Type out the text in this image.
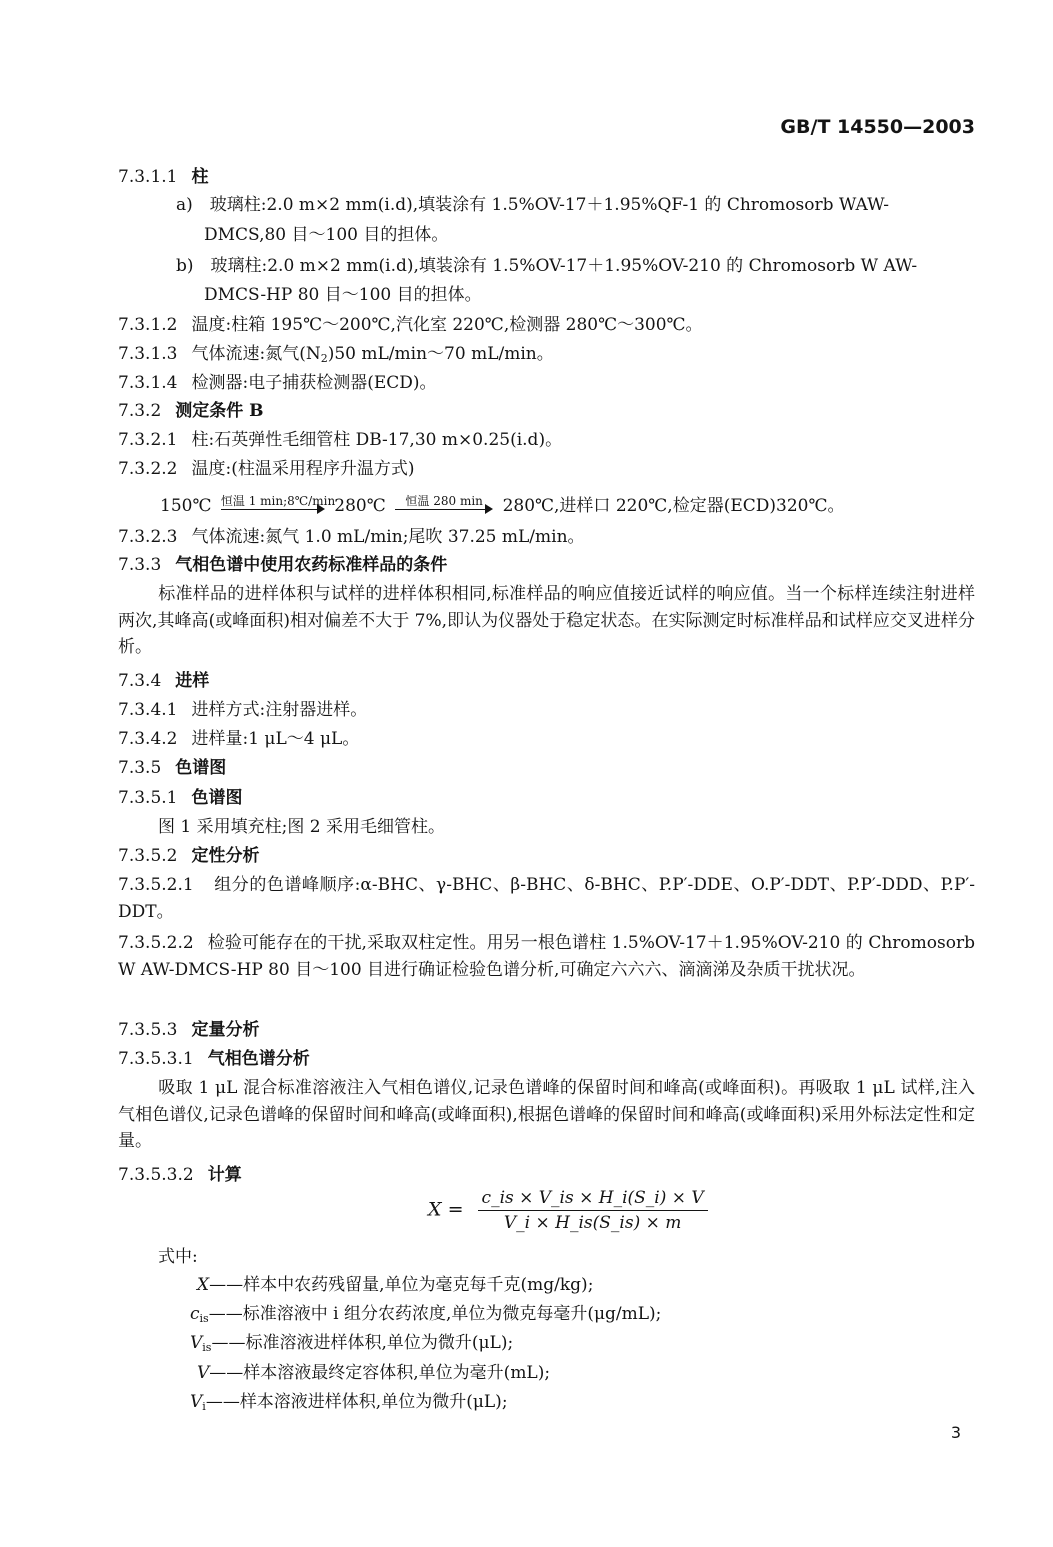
GB/T 14550—2003
7.3.1.1 柱
a)　玻璃柱:2.0 m×2 mm(i.d),填装涂有 1.5%OV-17＋1.95%QF-1 的 Chromosorb WAW-
DMCS,80 目～100 目的担体。
b)　玻璃柱:2.0 m×2 mm(i.d),填装涂有 1.5%OV-17＋1.95%OV-210 的 Chromosorb W AW-
DMCS-HP 80 目～100 目的担体。
7.3.1.2 温度:柱箱 195℃～200℃,汽化室 220℃,检测器 280℃～300℃。
7.3.1.3 气体流速:氮气$(N_2)50$ mL/min～70 mL/min。
7.3.1.4 检测器:电子捕获检测器(ECD)。
7.3.2 测定条件 B
7.3.2.1 柱:石英弹性毛细管柱 DB-17,30 m×0.25(i.d)。
7.3.2.2 温度:(柱温采用程序升温方式)
150℃ 恒温 1 min;8℃/min 280℃	恒温 280 min	280℃,进样口 220℃,检定器(ECD)320℃。
7.3.2.3 气体流速:氮气 1.0 mL/min;尾吹 37.25 mL/min。
7.3.3 气相色谱中使用农药标准样品的条件
标准样品的进样体积与试样的进样体积相同,标准样品的响应值接近试样的响应值。当一个标样连续注射进样两次,其峰高(或峰面积)相对偏差不大于 7%,即认为仪器处于稳定状态。在实际测定时标准样品和试样应交叉进样分析。
7.3.4 进样
7.3.4.1 进样方式:注射器进样。
7.3.4.2 进样量:1 μL～4 μL。
7.3.5 色谱图
7.3.5.1 色谱图
图 1 采用填充柱;图 2 采用毛细管柱。
7.3.5.2 定性分析
7.3.5.2.1 组分的色谱峰顺序:α-BHC、γ-BHC、β-BHC、δ-BHC、P.P′-DDE、O.P′-DDT、P.P′-DDD、P.P′-DDT。
7.3.5.2.2 检验可能存在的干扰,采取双柱定性。用另一根色谱柱 1.5%OV-17＋1.95%OV-210 的 Chromosorb W AW-DMCS-HP 80 目～100 目进行确证检验色谱分析,可确定六六六、滴滴涕及杂质干扰状况。
7.3.5.3 定量分析
7.3.5.3.1 气相色谱分析
吸取 1 μL 混合标准溶液注入气相色谱仪,记录色谱峰的保留时间和峰高(或峰面积)。再吸取 1 μL 试样,注入气相色谱仪,记录色谱峰的保留时间和峰高(或峰面积),根据色谱峰的保留时间和峰高(或峰面积)采用外标法定性和定量。
7.3.5.3.2 计算
$X = \frac{c\_is \times V\_is \times H\_i(S\_i) \times V}{V\_i \times H\_is(S\_is) \times m}$
式中:
X——样本中农药残留量,单位为毫克每千克(mg/kg);
$c_{is}——$标准溶液中 i 组分农药浓度,单位为微克每毫升(μg/mL);
$V_{is}——$标准溶液进样体积,单位为微升(μL);
V——样本溶液最终定容体积,单位为毫升(mL);
$V_i——$样本溶液进样体积,单位为微升(μL);
3
